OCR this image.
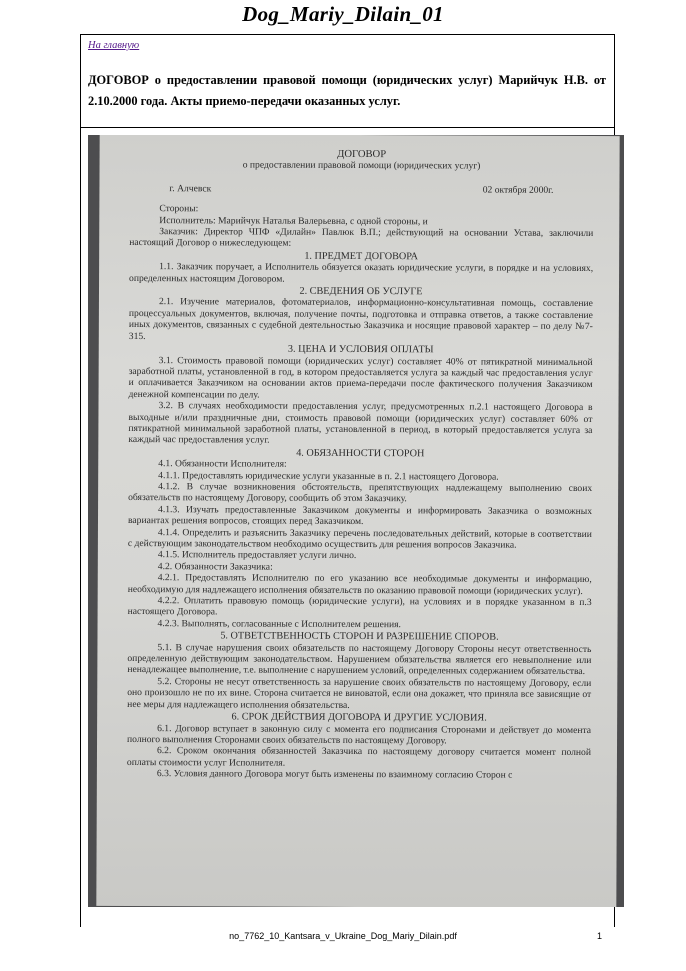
Dog_Mariy_Dilain_01
На главную
ДОГОВОР о предоставлении правовой помощи (юридических услуг) Марийчук Н.В. от 2.10.2000 года. Акты приемо-передачи оказанных услуг.

ДОГОВОР

о предоставлении правовой помощи (юридических услуг)

г. Алчевск	02 октября 2000г.

Стороны:

Исполнитель: Марийчук Наталья Валерьевна, с одной стороны, и

Заказчик: Директор ЧПФ «Дилайн» Павлюк В.П.; действующий на основании Устава, заключили настоящий Договор о нижеследующем:

1. ПРЕДМЕТ ДОГОВОРА

1.1. Заказчик поручает, а Исполнитель обязуется оказать юридические услуги, в порядке и на условиях, определенных настоящим Договором.

2. СВЕДЕНИЯ ОБ УСЛУГЕ

2.1. Изучение материалов, фотоматериалов, информационно-консультативная помощь, составление процессуальных документов, включая, получение почты, подготовка и отправка ответов, а также составление иных документов, связанных с судебной деятельностью Заказчика и носящие правовой характер – по делу №7-315.

3. ЦЕНА И УСЛОВИЯ ОПЛАТЫ

3.1. Стоимость правовой помощи (юридических услуг) составляет 40% от пятикратной минимальной заработной платы, установленной в год, в котором предоставляется услуга за каждый час предоставления услуг и оплачивается Заказчиком на основании актов приема-передачи после фактического получения Заказчиком денежной компенсации по делу.

3.2. В случаях необходимости предоставления услуг, предусмотренных п.2.1 настоящего Договора в выходные и/или праздничные дни, стоимость правовой помощи (юридических услуг) составляет 60% от пятикратной минимальной заработной платы, установленной в период, в который предоставляется услуга за каждый час предоставления услуг.

4. ОБЯЗАННОСТИ СТОРОН

4.1. Обязанности Исполнителя:

4.1.1. Предоставлять юридические услуги указанные в п. 2.1 настоящего Договора.

4.1.2. В случае возникновения обстоятельств, препятствующих надлежащему выполнению своих обязательств по настоящему Договору, сообщить об этом Заказчику.

4.1.3. Изучать предоставленные Заказчиком документы и информировать Заказчика о возможных вариантах решения вопросов, стоящих перед Заказчиком.

4.1.4. Определить и разъяснить Заказчику перечень последовательных действий, которые в соответствии с действующим законодательством необходимо осуществить для решения вопросов Заказчика.

4.1.5. Исполнитель предоставляет услуги лично.

4.2. Обязанности Заказчика:

4.2.1. Предоставлять Исполнителю по его указанию все необходимые документы и информацию, необходимую для надлежащего исполнения обязательств по оказанию правовой помощи (юридических услуг).

4.2.2. Оплатить правовую помощь (юридические услуги), на условиях и в порядке указанном в п.3 настоящего Договора.

4.2.3. Выполнять, согласованные с Исполнителем решения.

5. ОТВЕТСТВЕННОСТЬ СТОРОН И РАЗРЕШЕНИЕ СПОРОВ.

5.1. В случае нарушения своих обязательств по настоящему Договору Стороны несут ответственность определенную действующим законодательством. Нарушением обязательства является его невыполнение или ненадлежащее выполнение, т.е. выполнение с нарушением условий, определенных содержанием обязательства.

5.2. Стороны не несут ответственность за нарушение своих обязательств по настоящему Договору, если оно произошло не по их вине. Сторона считается не виноватой, если она докажет, что приняла все зависящие от нее меры для надлежащего исполнения обязательства.

6. СРОК ДЕЙСТВИЯ ДОГОВОРА И ДРУГИЕ УСЛОВИЯ.

6.1. Договор вступает в законную силу с момента его подписания Сторонами и действует до момента полного выполнения Сторонами своих обязательств по настоящему Договору.

6.2. Сроком окончания обязанностей Заказчика по настоящему договору считается момент полной оплаты стоимости услуг Исполнителя.

6.3. Условия данного Договора могут быть изменены по взаимному согласию Сторон с

no_7762_10_Kantsara_v_Ukraine_Dog_Mariy_Dilain.pdf	1
